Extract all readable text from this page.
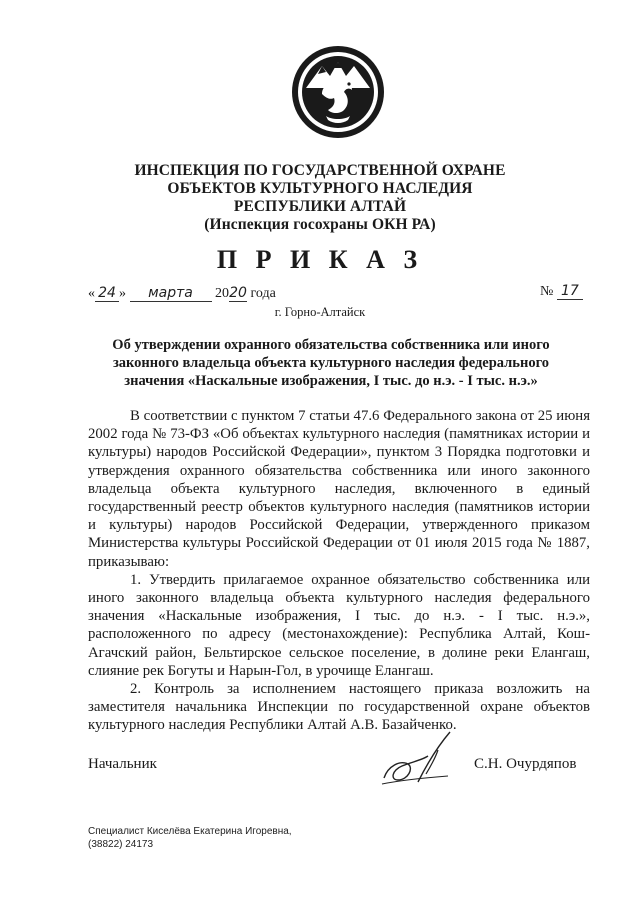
ИНСПЕКЦИЯ ПО ГОСУДАРСТВЕННОЙ ОХРАНЕ
ОБЪЕКТОВ КУЛЬТУРНОГО НАСЛЕДИЯ
РЕСПУБЛИКИ АЛТАЙ
(Инспекция госохраны ОКН РА)
П Р И К А З
« 24 » марта 2020 года	№ 17
г. Горно-Алтайск
Об утверждении охранного обязательства собственника или иного
законного владельца объекта культурного наследия федерального
значения «Наскальные изображения, I тыс. до н.э. - I тыс. н.э.»

В соответствии с пунктом 7 статьи 47.6 Федерального закона от 25 июня 2002 года № 73-ФЗ «Об объектах культурного наследия (памятниках истории и культуры) народов Российской Федерации», пунктом 3 Порядка подготовки и утверждения охранного обязательства собственника или иного законного владельца объекта культурного наследия, включенного в единый государственный реестр объектов культурного наследия (памятников истории и культуры) народов Российской Федерации, утвержденного приказом Министерства культуры Российской Федерации от 01 июля 2015 года № 1887, приказываю:

1. Утвердить прилагаемое охранное обязательство собственника или иного законного владельца объекта культурного наследия федерального значения «Наскальные изображения, I тыс. до н.э. - I тыс. н.э.», расположенного по адресу (местонахождение): Республика Алтай, Кош-Агачский район, Бельтирское сельское поселение, в долине реки Елангаш, слияние рек Богуты и Нарын-Гол, в урочище Елангаш.

2. Контроль за исполнением настоящего приказа возложить на заместителя начальника Инспекции по государственной охране объектов культурного наследия Республики Алтай А.В. Базайченко.

Начальник	С.Н. Очурдяпов
Специалист Киселёва Екатерина Игоревна,
(38822) 24173
